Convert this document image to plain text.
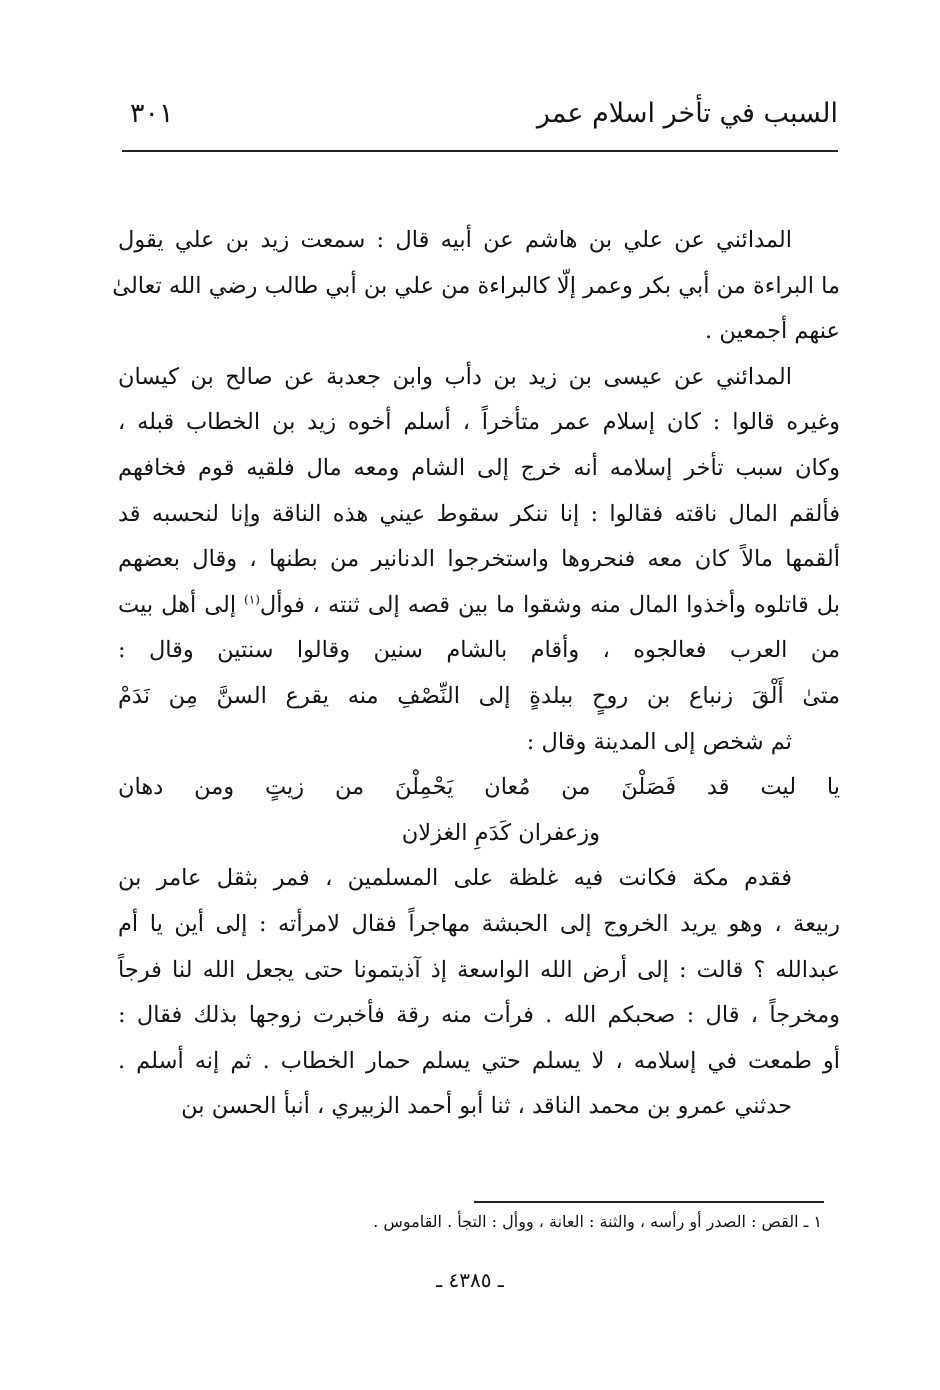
السبب في تأخر اسلام عمر
٣٠١
المدائني عن علي بن هاشم عن أبيه قال : سمعت زيد بن علي يقول
ما البراءة من أبي بكر وعمر إلّا كالبراءة من علي بن أبي طالب رضي الله تعالىٰ
عنهم أجمعين .
المدائني عن عيسى بن زيد بن دأب وابن جعدبة عن صالح بن كيسان
وغيره قالوا : كان إسلام عمر متأخراً ، أسلم أخوه زيد بن الخطاب قبله ،
وكان سبب تأخر إسلامه أنه خرج إلى الشام ومعه مال فلقيه قوم فخافهم
فألقم المال ناقته فقالوا : إنا ننكر سقوط عيني هذه الناقة وإنا لنحسبه قد
ألقمها مالاً كان معه فنحروها واستخرجوا الدنانير من بطنها ، وقال بعضهم
بل قاتلوه وأخذوا المال منه وشقوا ما بين قصه إلى ثنته ، فوأل$^{(١)}$ إلى أهل بيت
من العرب فعالجوه ، وأقام بالشام سنين وقالوا سنتين وقال :
متىٰ أَلْقَ زنباع بن روحٍ ببلدةٍ إلى النِّصْفِ منه يقرع السنَّ مِن نَدَمْ
ثم شخص إلى المدينة وقال :
يا ليت قد فَصَلْنَ من مُعان يَحْمِلْنَ من زيتٍ ومن دهان
وزعفران كَدَمِ الغزلان
فقدم مكة فكانت فيه غلظة على المسلمين ، فمر بثقل عامر بن
ربيعة ، وهو يريد الخروج إلى الحبشة مهاجراً فقال لامرأته : إلى أين يا أم
عبدالله ؟ قالت : إلى أرض الله الواسعة إذ آذيتمونا حتى يجعل الله لنا فرجاً
ومخرجاً ، قال : صحبكم الله . فرأت منه رقة فأخبرت زوجها بذلك فقال :
أو طمعت في إسلامه ، لا يسلم حتي يسلم حمار الخطاب . ثم إنه أسلم .
حدثني عمرو بن محمد الناقد ، ثنا أبو أحمد الزبيري ، أنبأ الحسن بن
١ ـ القص : الصدر أو رأسه ، والثنة : العانة ، ووأل : التجأ . القاموس .
ـ ٤٣٨٥ ـ
